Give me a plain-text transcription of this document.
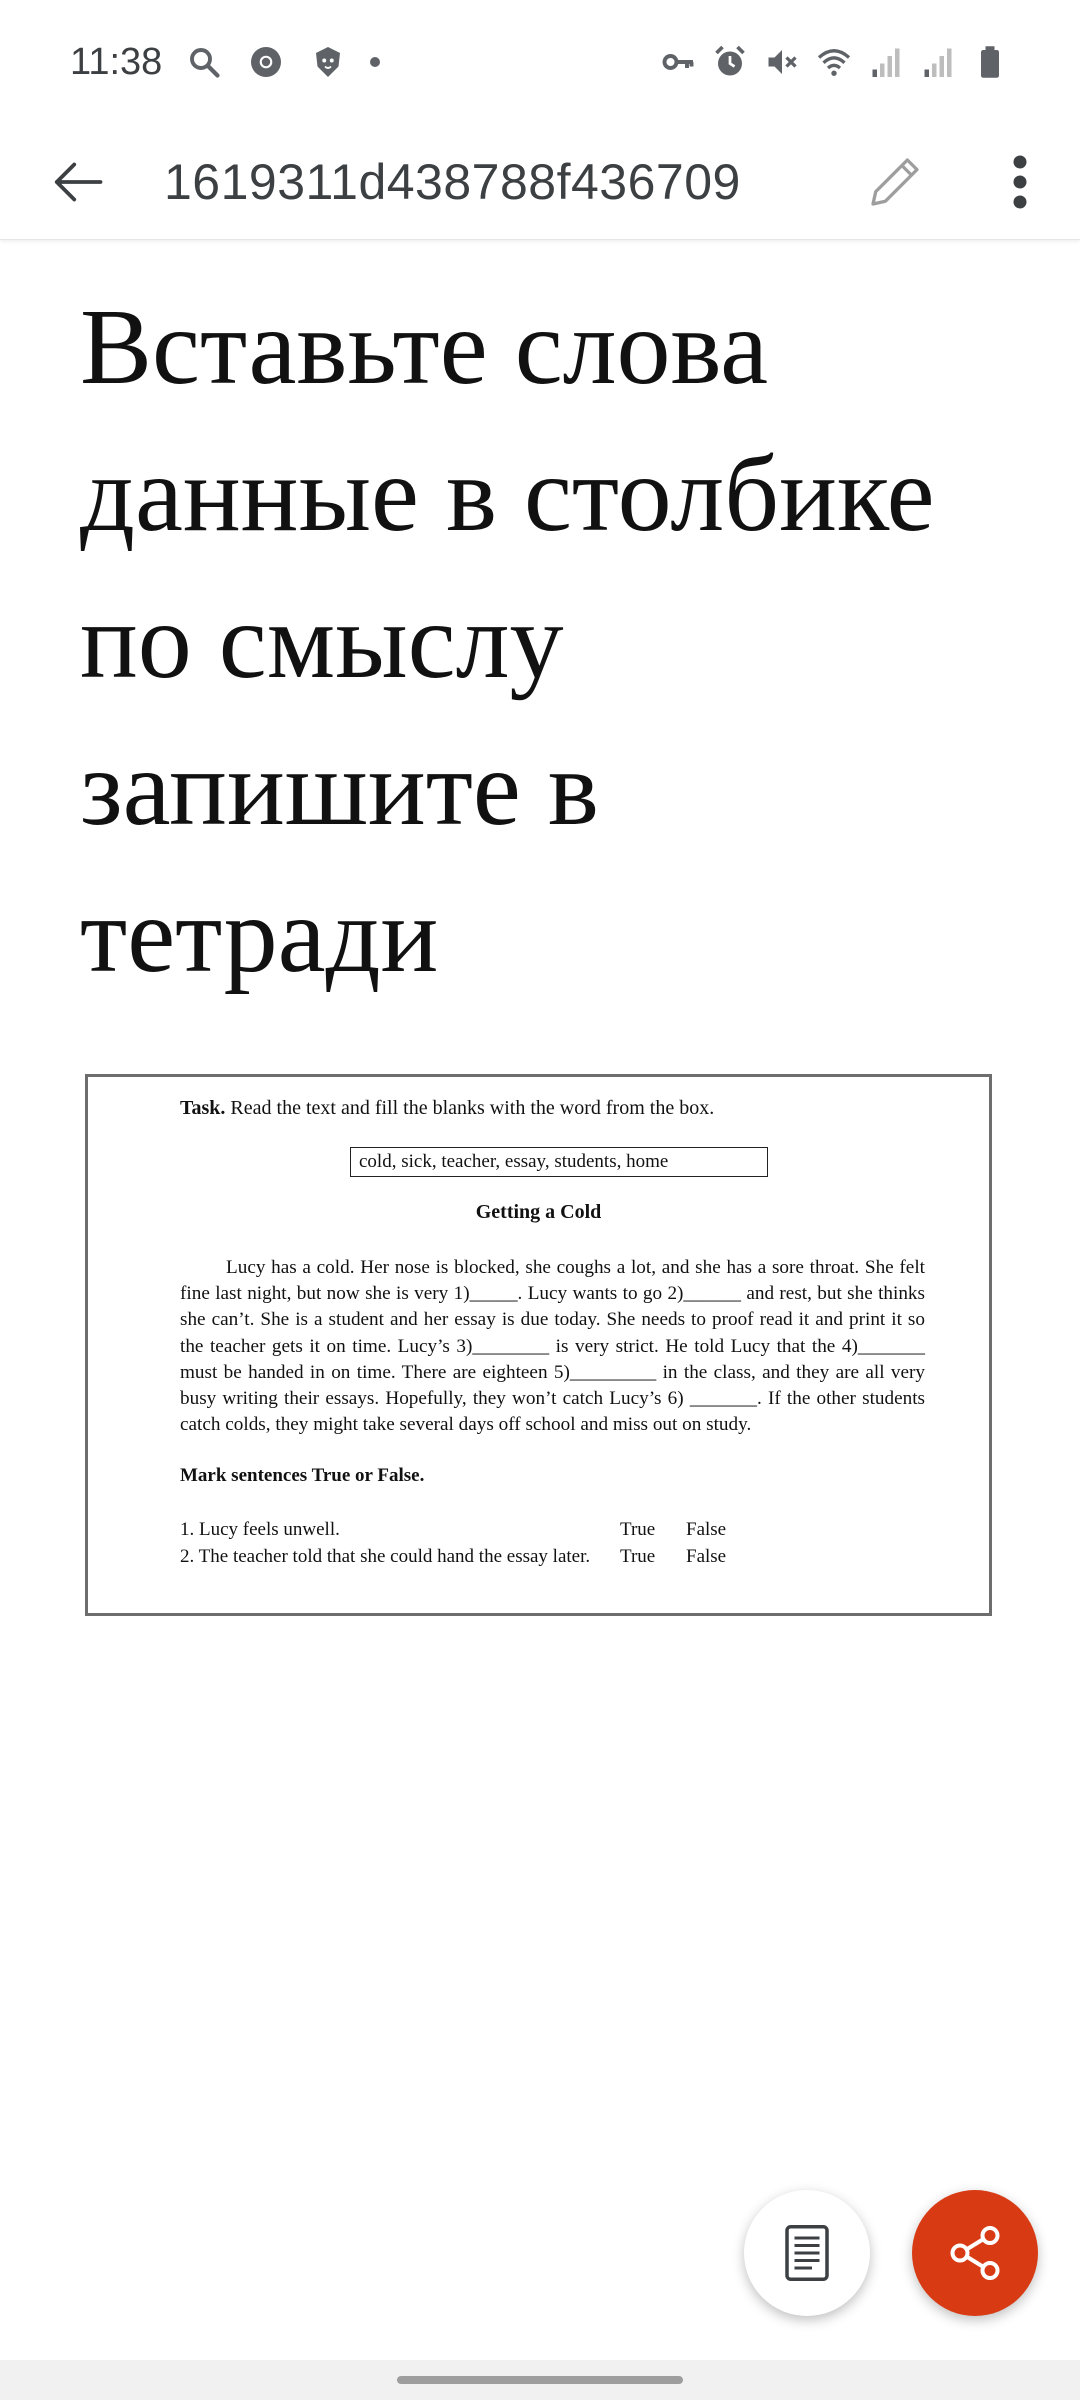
11:38
1619311d438788f436709
Вставьте слова
данные в столбике
по смыслу
запишите в
тетради
Task. Read the text and fill the blanks with the word from the box.
cold, sick, teacher, essay, students, home
Getting a Cold
Lucy has a cold. Her nose is blocked, she coughs a lot, and she has a sore throat. She felt fine last night, but now she is very 1)_____. Lucy wants to go 2)______ and rest, but she thinks she can’t. She is a student and her essay is due today. She needs to proof read it and print it so the teacher gets it on time. Lucy’s 3)________ is very strict. He told Lucy that the 4)_______ must be handed in on time. There are eighteen 5)_________ in the class, and they are all very busy writing their essays. Hopefully, they won’t catch Lucy’s 6) _______. If the other students catch colds, they might take several days off school and miss out on study.
Mark sentences True or False.
1. Lucy feels unwell.	True False
2. The teacher told that she could hand the essay later. True False
